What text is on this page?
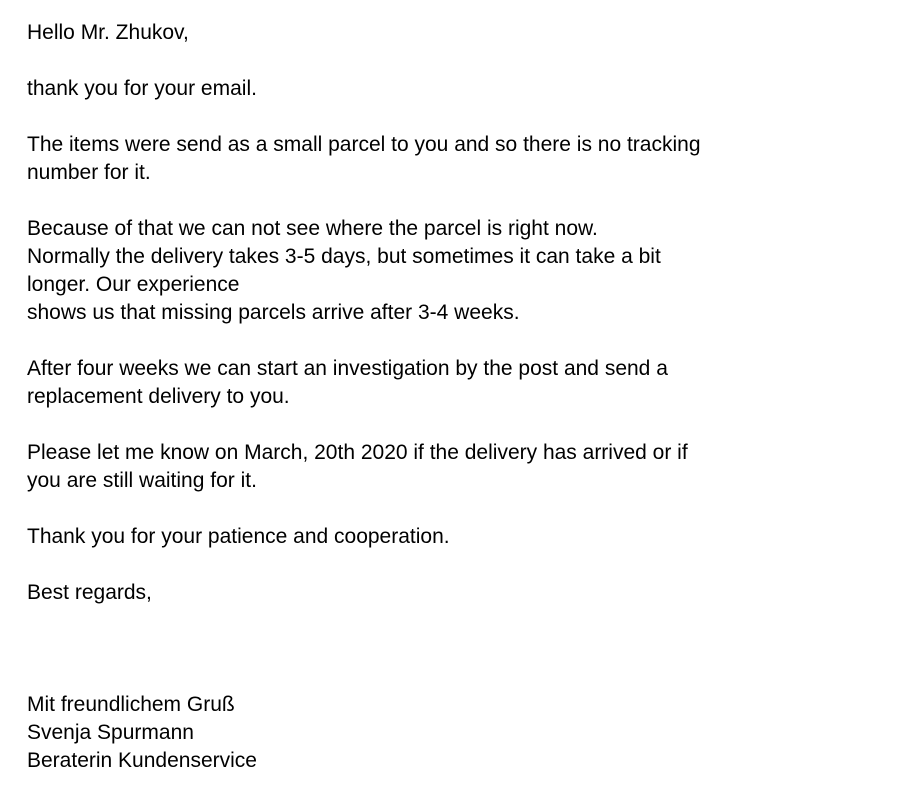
Hello Mr. Zhukov,
thank you for your email.
The items were send as a small parcel to you and so there is no tracking
number for it.
Because of that we can not see where the parcel is right now.
Normally the delivery takes 3-5 days, but sometimes it can take a bit
longer. Our experience
shows us that missing parcels arrive after 3-4 weeks.
After four weeks we can start an investigation by the post and send a
replacement delivery to you.
Please let me know on March, 20th 2020 if the delivery has arrived or if
you are still waiting for it.
Thank you for your patience and cooperation.
Best regards,
Mit freundlichem Gruß
Svenja Spurmann
Beraterin Kundenservice
